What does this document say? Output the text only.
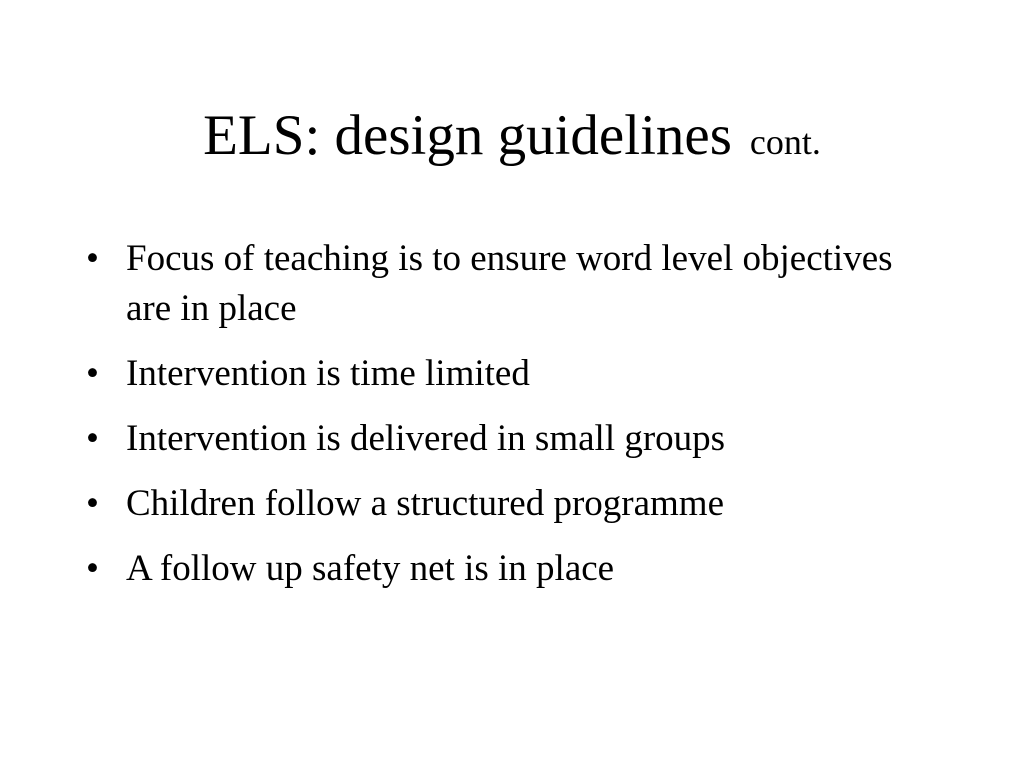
ELS: design guidelines cont.
• Focus of teaching is to ensure word level objectives are in place
• Intervention is time limited
• Intervention is delivered in small groups
• Children follow a structured programme
• A follow up safety net is in place
